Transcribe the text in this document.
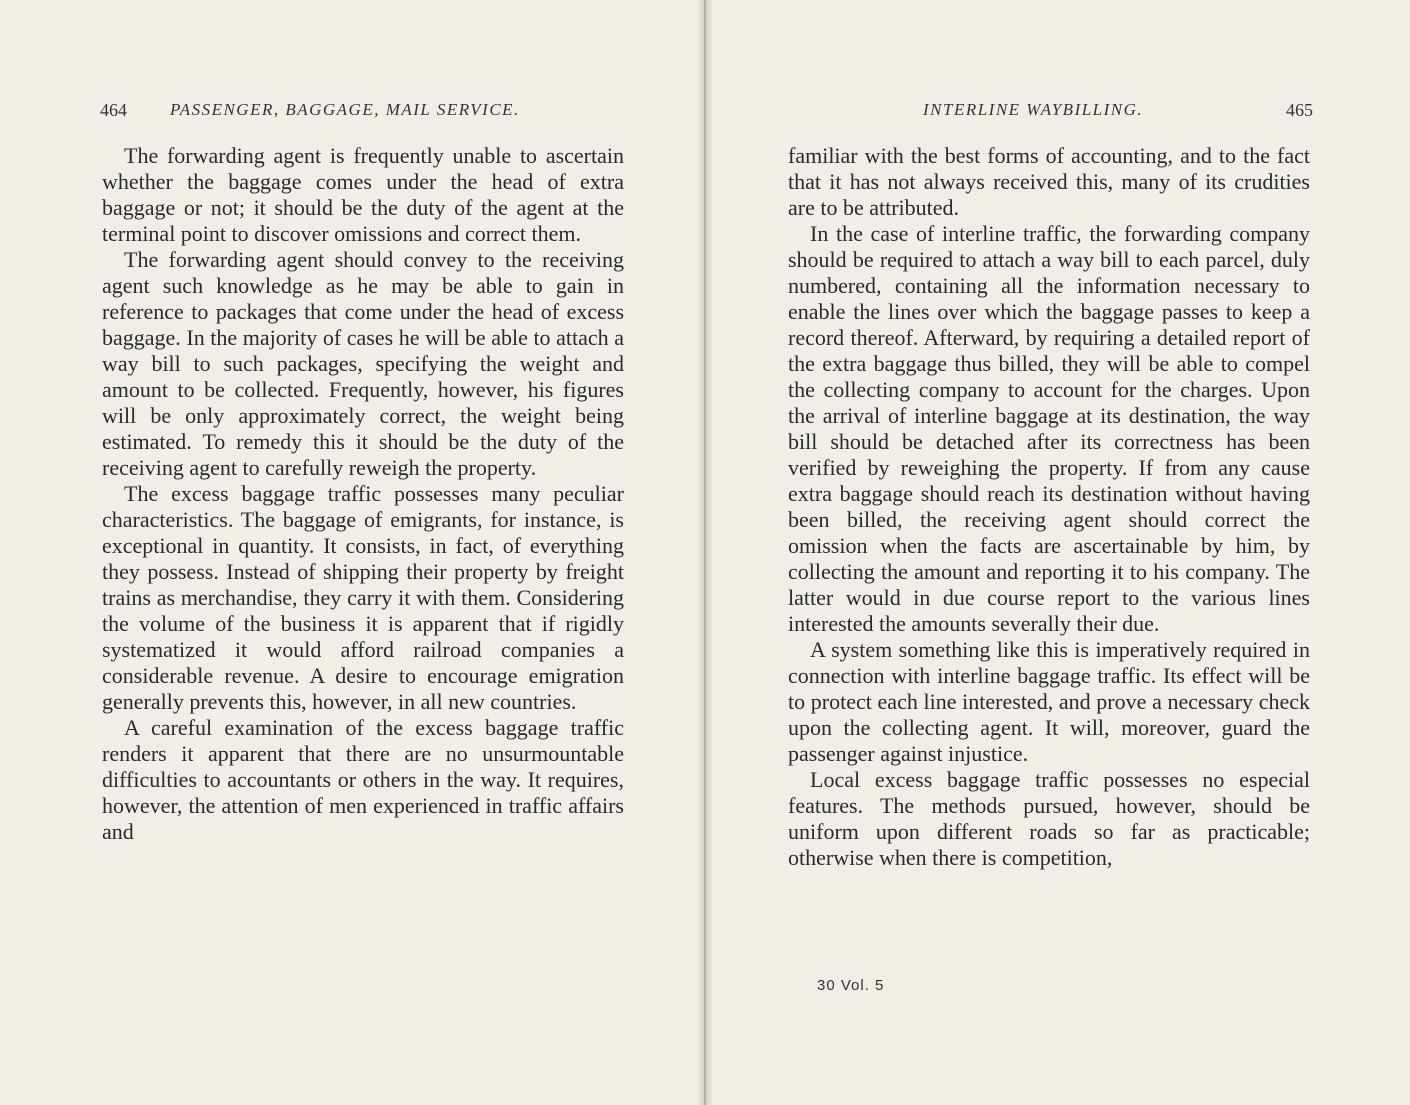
464	PASSENGER, BAGGAGE, MAIL SERVICE.

The forwarding agent is frequently unable to ascertain whether the baggage comes under the head of extra baggage or not; it should be the duty of the agent at the terminal point to discover omissions and correct them.

The forwarding agent should convey to the receiving agent such knowledge as he may be able to gain in reference to packages that come under the head of excess baggage. In the majority of cases he will be able to attach a way bill to such packages, specifying the weight and amount to be collected. Frequently, however, his figures will be only approximately correct, the weight being estimated. To remedy this it should be the duty of the receiving agent to carefully reweigh the property.

The excess baggage traffic possesses many peculiar characteristics. The baggage of emigrants, for instance, is exceptional in quantity. It consists, in fact, of everything they possess. Instead of shipping their property by freight trains as merchandise, they carry it with them. Considering the volume of the business it is apparent that if rigidly systematized it would afford railroad companies a considerable revenue. A desire to encourage emigration generally prevents this, however, in all new countries.

A careful examination of the excess baggage traffic renders it apparent that there are no unsurmountable difficulties to accountants or others in the way. It requires, however, the attention of men experienced in traffic affairs and

INTERLINE WAYBILLING.	465

familiar with the best forms of accounting, and to the fact that it has not always received this, many of its crudities are to be attributed.

In the case of interline traffic, the forwarding company should be required to attach a way bill to each parcel, duly numbered, containing all the information necessary to enable the lines over which the baggage passes to keep a record thereof. Afterward, by requiring a detailed report of the extra baggage thus billed, they will be able to compel the collecting company to account for the charges. Upon the arrival of interline baggage at its destination, the way bill should be detached after its correctness has been verified by reweighing the property. If from any cause extra baggage should reach its destination without having been billed, the receiving agent should correct the omission when the facts are ascertainable by him, by collecting the amount and reporting it to his company. The latter would in due course report to the various lines interested the amounts severally their due.

A system something like this is imperatively required in connection with interline baggage traffic. Its effect will be to protect each line interested, and prove a necessary check upon the collecting agent. It will, moreover, guard the passenger against injustice.

Local excess baggage traffic possesses no especial features. The methods pursued, however, should be uniform upon different roads so far as practicable; otherwise when there is competition,

30 Vol. 5
